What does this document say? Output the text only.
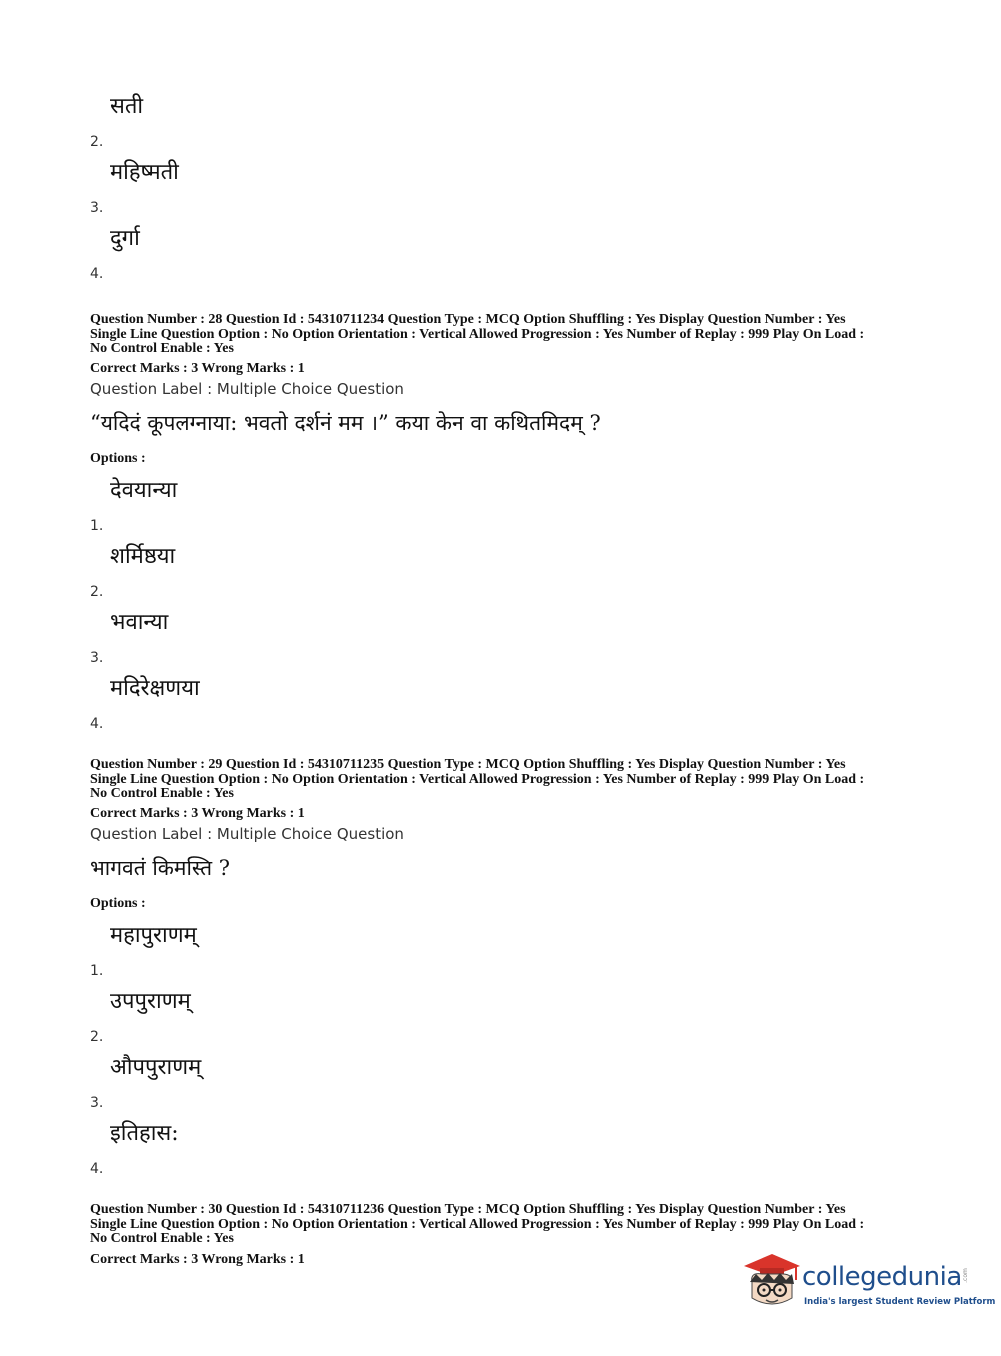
सती
2.
महिष्मती
3.
दुर्गा
4.
Question Number : 28 Question Id : 54310711234 Question Type : MCQ Option Shuffling : Yes Display Question Number : Yes
Single Line Question Option : No Option Orientation : Vertical Allowed Progression : Yes Number of Replay : 999 Play On Load :
No Control Enable : Yes
Correct Marks : 3 Wrong Marks : 1
Question Label : Multiple Choice Question
“यदिदं कूपलग्नाया: भवतो दर्शनं मम ।” कया केन वा कथितमिदम् ?
Options :
देवयान्या
1.
शर्मिष्ठया
2.
भवान्या
3.
मदिरेक्षणया
4.
Question Number : 29 Question Id : 54310711235 Question Type : MCQ Option Shuffling : Yes Display Question Number : Yes
Single Line Question Option : No Option Orientation : Vertical Allowed Progression : Yes Number of Replay : 999 Play On Load :
No Control Enable : Yes
Correct Marks : 3 Wrong Marks : 1
Question Label : Multiple Choice Question
भागवतं किमस्ति ?
Options :
महापुराणम्
1.
उपपुराणम्
2.
औपपुराणम्
3.
इतिहास:
4.
Question Number : 30 Question Id : 54310711236 Question Type : MCQ Option Shuffling : Yes Display Question Number : Yes
Single Line Question Option : No Option Orientation : Vertical Allowed Progression : Yes Number of Replay : 999 Play On Load :
No Control Enable : Yes
Correct Marks : 3 Wrong Marks : 1
collegedunia .com
India's largest Student Review Platform
